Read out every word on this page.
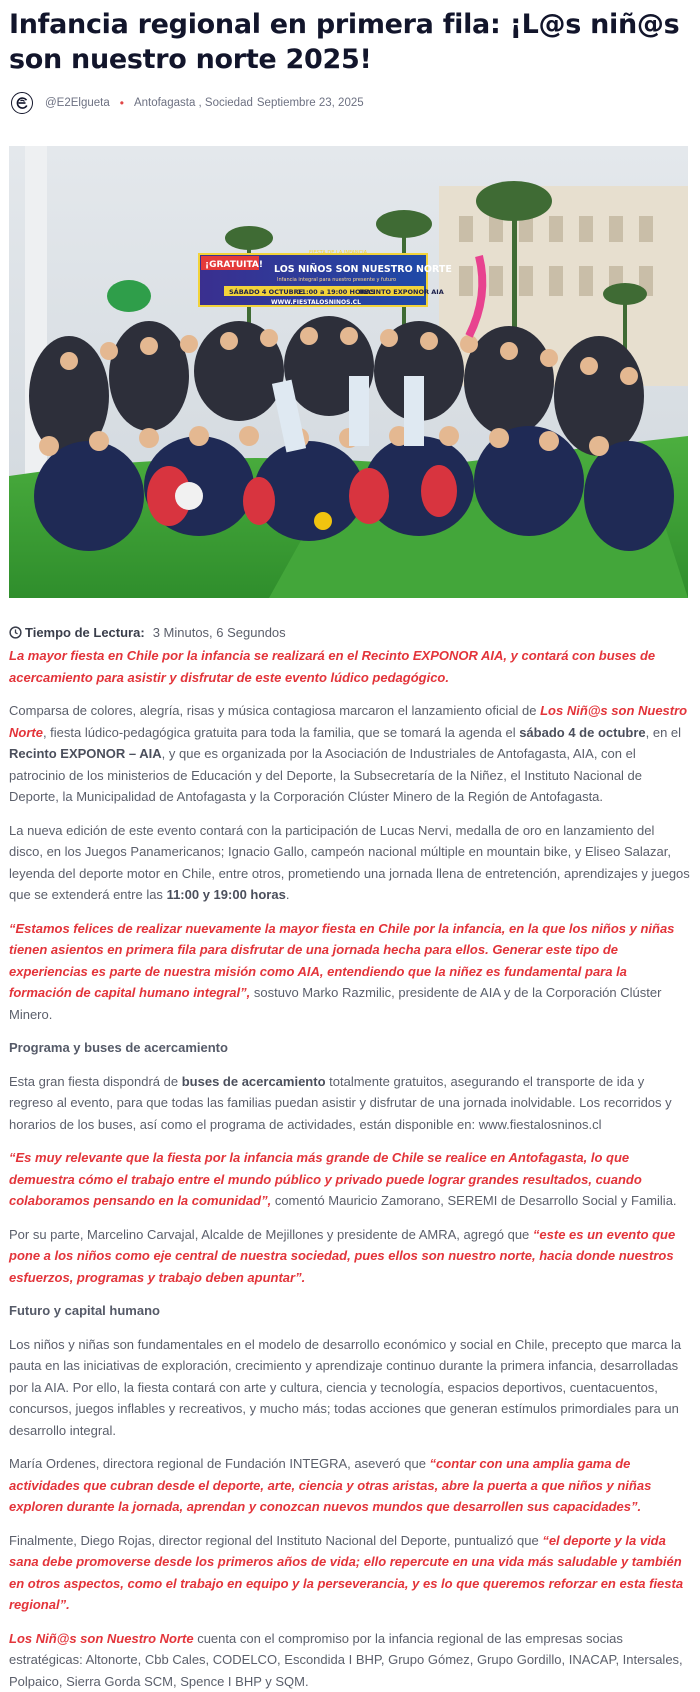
Infancia regional en primera fila: ¡L@s niñ@s son nuestro norte 2025!
@E2Elgueta • Antofagasta , Sociedad Septiembre 23, 2025
¡GRATUITA!
FIESTA DE LA INFANCIA
LOS NIÑOS SON NUESTRO NORTE
Infancia integral para nuestro presente y futuro
SÁBADO 4 OCTUBRE
11:00 a 19:00 HORAS
RECINTO EXPONOR AIA
WWW.FIESTALOSNINOS.CL
Tiempo de Lectura: 3 Minutos, 6 Segundos

La mayor fiesta en Chile por la infancia se realizará en el Recinto EXPONOR AIA, y contará con buses de acercamiento para asistir y disfrutar de este evento lúdico pedagógico.

Comparsa de colores, alegría, risas y música contagiosa marcaron el lanzamiento oficial de Los Niñ@s son Nuestro Norte, fiesta lúdico-pedagógica gratuita para toda la familia, que se tomará la agenda el sábado 4 de octubre, en el Recinto EXPONOR – AIA, y que es organizada por la Asociación de Industriales de Antofagasta, AIA, con el patrocinio de los ministerios de Educación y del Deporte, la Subsecretaría de la Niñez, el Instituto Nacional de Deporte, la Municipalidad de Antofagasta y la Corporación Clúster Minero de la Región de Antofagasta.

La nueva edición de este evento contará con la participación de Lucas Nervi, medalla de oro en lanzamiento del disco, en los Juegos Panamericanos; Ignacio Gallo, campeón nacional múltiple en mountain bike, y Eliseo Salazar, leyenda del deporte motor en Chile, entre otros, prometiendo una jornada llena de entretención, aprendizajes y juegos que se extenderá entre las 11:00 y 19:00 horas.

“Estamos felices de realizar nuevamente la mayor fiesta en Chile por la infancia, en la que los niños y niñas tienen asientos en primera fila para disfrutar de una jornada hecha para ellos. Generar este tipo de experiencias es parte de nuestra misión como AIA, entendiendo que la niñez es fundamental para la formación de capital humano integral”, sostuvo Marko Razmilic, presidente de AIA y de la Corporación Clúster Minero.

Programa y buses de acercamiento

Esta gran fiesta dispondrá de buses de acercamiento totalmente gratuitos, asegurando el transporte de ida y regreso al evento, para que todas las familias puedan asistir y disfrutar de una jornada inolvidable. Los recorridos y horarios de los buses, así como el programa de actividades, están disponible en: www.fiestalosninos.cl

“Es muy relevante que la fiesta por la infancia más grande de Chile se realice en Antofagasta, lo que demuestra cómo el trabajo entre el mundo público y privado puede lograr grandes resultados, cuando colaboramos pensando en la comunidad”, comentó Mauricio Zamorano, SEREMI de Desarrollo Social y Familia.

Por su parte, Marcelino Carvajal, Alcalde de Mejillones y presidente de AMRA, agregó que “este es un evento que pone a los niños como eje central de nuestra sociedad, pues ellos son nuestro norte, hacia donde nuestros esfuerzos, programas y trabajo deben apuntar”.

Futuro y capital humano

Los niños y niñas son fundamentales en el modelo de desarrollo económico y social en Chile, precepto que marca la pauta en las iniciativas de exploración, crecimiento y aprendizaje continuo durante la primera infancia, desarrolladas por la AIA. Por ello, la fiesta contará con arte y cultura, ciencia y tecnología, espacios deportivos, cuentacuentos, concursos, juegos inflables y recreativos, y mucho más; todas acciones que generan estímulos primordiales para un desarrollo integral.

María Ordenes, directora regional de Fundación INTEGRA, aseveró que “contar con una amplia gama de actividades que cubran desde el deporte, arte, ciencia y otras aristas, abre la puerta a que niños y niñas exploren durante la jornada, aprendan y conozcan nuevos mundos que desarrollen sus capacidades”.

Finalmente, Diego Rojas, director regional del Instituto Nacional del Deporte, puntualizó que “el deporte y la vida sana debe promoverse desde los primeros años de vida; ello repercute en una vida más saludable y también en otros aspectos, como el trabajo en equipo y la perseverancia, y es lo que queremos reforzar en esta fiesta regional”.

Los Niñ@s son Nuestro Norte cuenta con el compromiso por la infancia regional de las empresas socias estratégicas: Altonorte, Cbb Cales, CODELCO, Escondida I BHP, Grupo Gómez, Grupo Gordillo, INACAP, Intersales, Polpaico, Sierra Gorda SCM, Spence I BHP y SQM.
